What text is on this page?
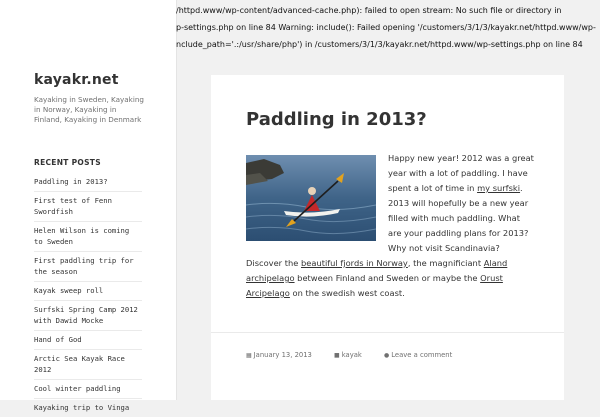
kayakr.net

Kayaking in Sweden, Kayaking in Norway, Kayaking in Finland, Kayaking in Denmark

RECENT POSTS
Paddling in 2013?
First test of Fenn Swordfish
Helen Wilson is coming to Sweden
First paddling trip for the season
Kayak sweep roll
Surfski Spring Camp 2012 with Dawid Mocke
Hand of God
Arctic Sea Kayak Race 2012
Cool winter paddling
Kayaking trip to Vinga
/httpd.www/wp-content/advanced-cache.php): failed to open stream: No such file or directory in
p-settings.php on line 84 Warning: include(): Failed opening '/customers/3/1/3/kayakr.net/httpd.www/wp-
nclude_path='.:/usr/share/php') in /customers/3/1/3/kayakr.net/httpd.www/wp-settings.php on line 84
Paddling in 2013?
Happy new year! 2012 was a great year with a lot of paddling. I have spent a lot of time in my surfski. 2013 will hopefully be a new year filled with much paddling. What are your paddling plans for 2013? Why not visit Scandinavia? Discover the beautiful fjords in Norway, the magnificiant Aland archipelago between Finland and Sweden or maybe the Orust Arcipelago on the swedish west coast.
▦ January 13, 2013	■ kayak	● Leave a comment
